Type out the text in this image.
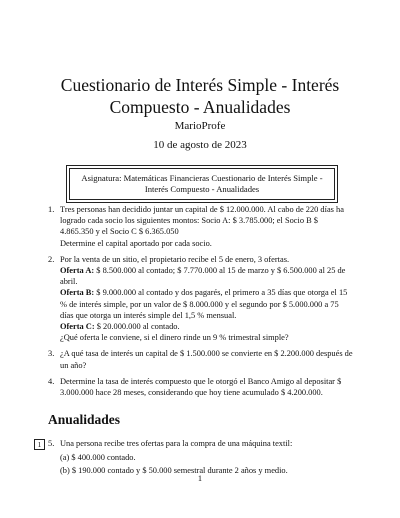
Cuestionario de Interés Simple - Interés Compuesto - Anualidades
MarioProfe
10 de agosto de 2023
Asignatura: Matemáticas Financieras Cuestionario de Interés Simple - Interés Compuesto - Anualidades
1. Tres personas han decidido juntar un capital de $ 12.000.000. Al cabo de 220 días ha logrado cada socio los siguientes montos: Socio A: $ 3.785.000; el Socio B $ 4.865.350 y el Socio C $ 6.365.050

Determine el capital aportado por cada socio.

2. Por la venta de un sitio, el propietario recibe el 5 de enero, 3 ofertas.

Oferta A: $ 8.500.000 al contado; $ 7.770.000 al 15 de marzo y $ 6.500.000 al 25 de abril.

Oferta B: $ 9.000.000 al contado y dos pagarés, el primero a 35 días que otorga el 15 % de interés simple, por un valor de $ 8.000.000 y el segundo por $ 5.000.000 a 75 días que otorga un interés simple del 1,5 % mensual.

Oferta C: $ 20.000.000 al contado.

¿Qué oferta le conviene, si el dinero rinde un 9 % trimestral simple?

3. ¿A qué tasa de interés un capital de $ 1.500.000 se convierte en $ 2.200.000 después de un año?

4. Determine la tasa de interés compuesto que le otorgó el Banco Amigo al depositar $ 3.000.000 hace 28 meses, considerando que hoy tiene acumulado $ 4.200.000.

Anualidades
1 5. Una persona recibe tres ofertas para la compra de una máquina textil:
(a) $ 400.000 contado.
(b) $ 190.000 contado y $ 50.000 semestral durante 2 años y medio.
1
